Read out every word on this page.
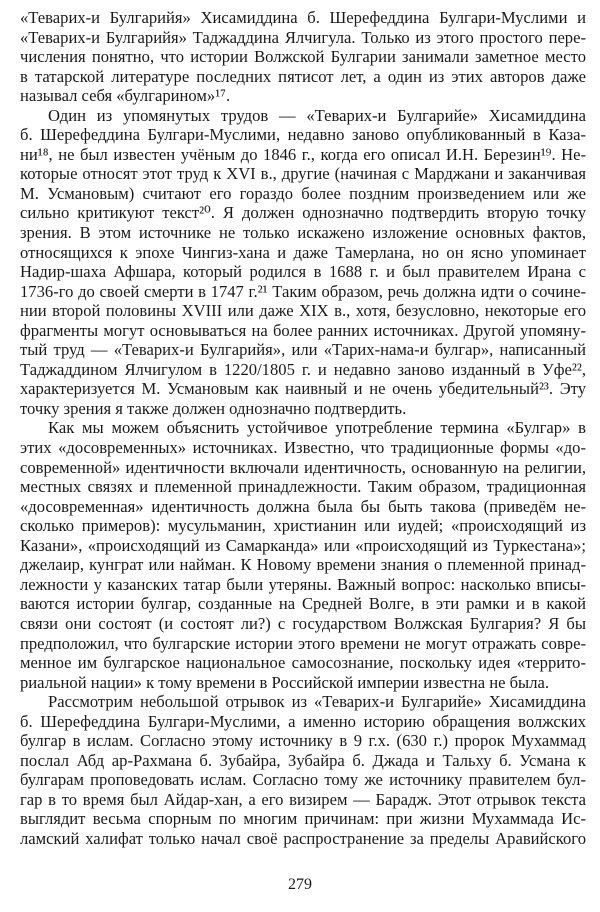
«Теварих-и Булгарийя» Хисамиддина б. Шерефеддина Булгари-Муслими и
«Теварих-и Булгарийя» Таджаддина Ялчигула. Только из этого простого пере-
числения понятно, что истории Волжской Булгарии занимали заметное место
в татарской литературе последних пятисот лет, а один из этих авторов даже
называл себя «булгарином»¹⁷.
Один из упомянутых трудов — «Теварих-и Булгарийе» Хисамиддина
б. Шерефеддина Булгари-Муслими, недавно заново опубликованный в Каза-
ни¹⁸, не был известен учёным до 1846 г., когда его описал И.Н. Березин¹⁹. Не-
которые относят этот труд к XVI в., другие (начиная с Марджани и заканчивая
М. Усмановым) считают его гораздо более поздним произведением или же
сильно критикуют текст²⁰. Я должен однозначно подтвердить вторую точку
зрения. В этом источнике не только искажено изложение основных фактов,
относящихся к эпохе Чингиз-хана и даже Тамерлана, но он ясно упоминает
Надир-шаха Афшара, который родился в 1688 г. и был правителем Ирана с
1736-го до своей смерти в 1747 г.²¹ Таким образом, речь должна идти о сочине-
нии второй половины XVIII или даже XIX в., хотя, безусловно, некоторые его
фрагменты могут основываться на более ранних источниках. Другой упомяну-
тый труд — «Теварих-и Булгарийя», или «Тарих-нама-и булгар», написанный
Таджаддином Ялчигулом в 1220/1805 г. и недавно заново изданный в Уфе²²,
характеризуется М. Усмановым как наивный и не очень убедительный²³. Эту
точку зрения я также должен однозначно подтвердить.
Как мы можем объяснить устойчивое употребление термина «Булгар» в
этих «досовременных» источниках. Известно, что традиционные формы «до-
современной» идентичности включали идентичность, основанную на религии,
местных связях и племенной принадлежности. Таким образом, традиционная
«досовременная» идентичность должна была бы быть такова (приведём не-
сколько примеров): мусульманин, христианин или иудей; «происходящий из
Казани», «происходящий из Самарканда» или «происходящий из Туркестана»;
джелаир, кунграт или найман. К Новому времени знания о племенной принад-
лежности у казанских татар были утеряны. Важный вопрос: насколько вписы-
ваются истории булгар, созданные на Средней Волге, в эти рамки и в какой
связи они состоят (и состоят ли?) с государством Волжская Булгария? Я бы
предположил, что булгарские истории этого времени не могут отражать совре-
менное им булгарское национальное самосознание, поскольку идея «террито-
риальной нации» к тому времени в Российской империи известна не была.
Рассмотрим небольшой отрывок из «Теварих-и Булгарийе» Хисамиддина
б. Шерефеддина Булгари-Муслими, а именно историю обращения волжских
булгар в ислам. Согласно этому источнику в 9 г.х. (630 г.) пророк Мухаммад
послал Абд ар-Рахмана б. Зубайра, Зубайра б. Джада и Тальху б. Усмана к
булгарам проповедовать ислам. Согласно тому же источнику правителем бул-
гар в то время был Айдар-хан, а его визирем — Барадж. Этот отрывок текста
выглядит весьма спорным по многим причинам: при жизни Мухаммада Ис-
ламский халифат только начал своё распространение за пределы Аравийского
279
